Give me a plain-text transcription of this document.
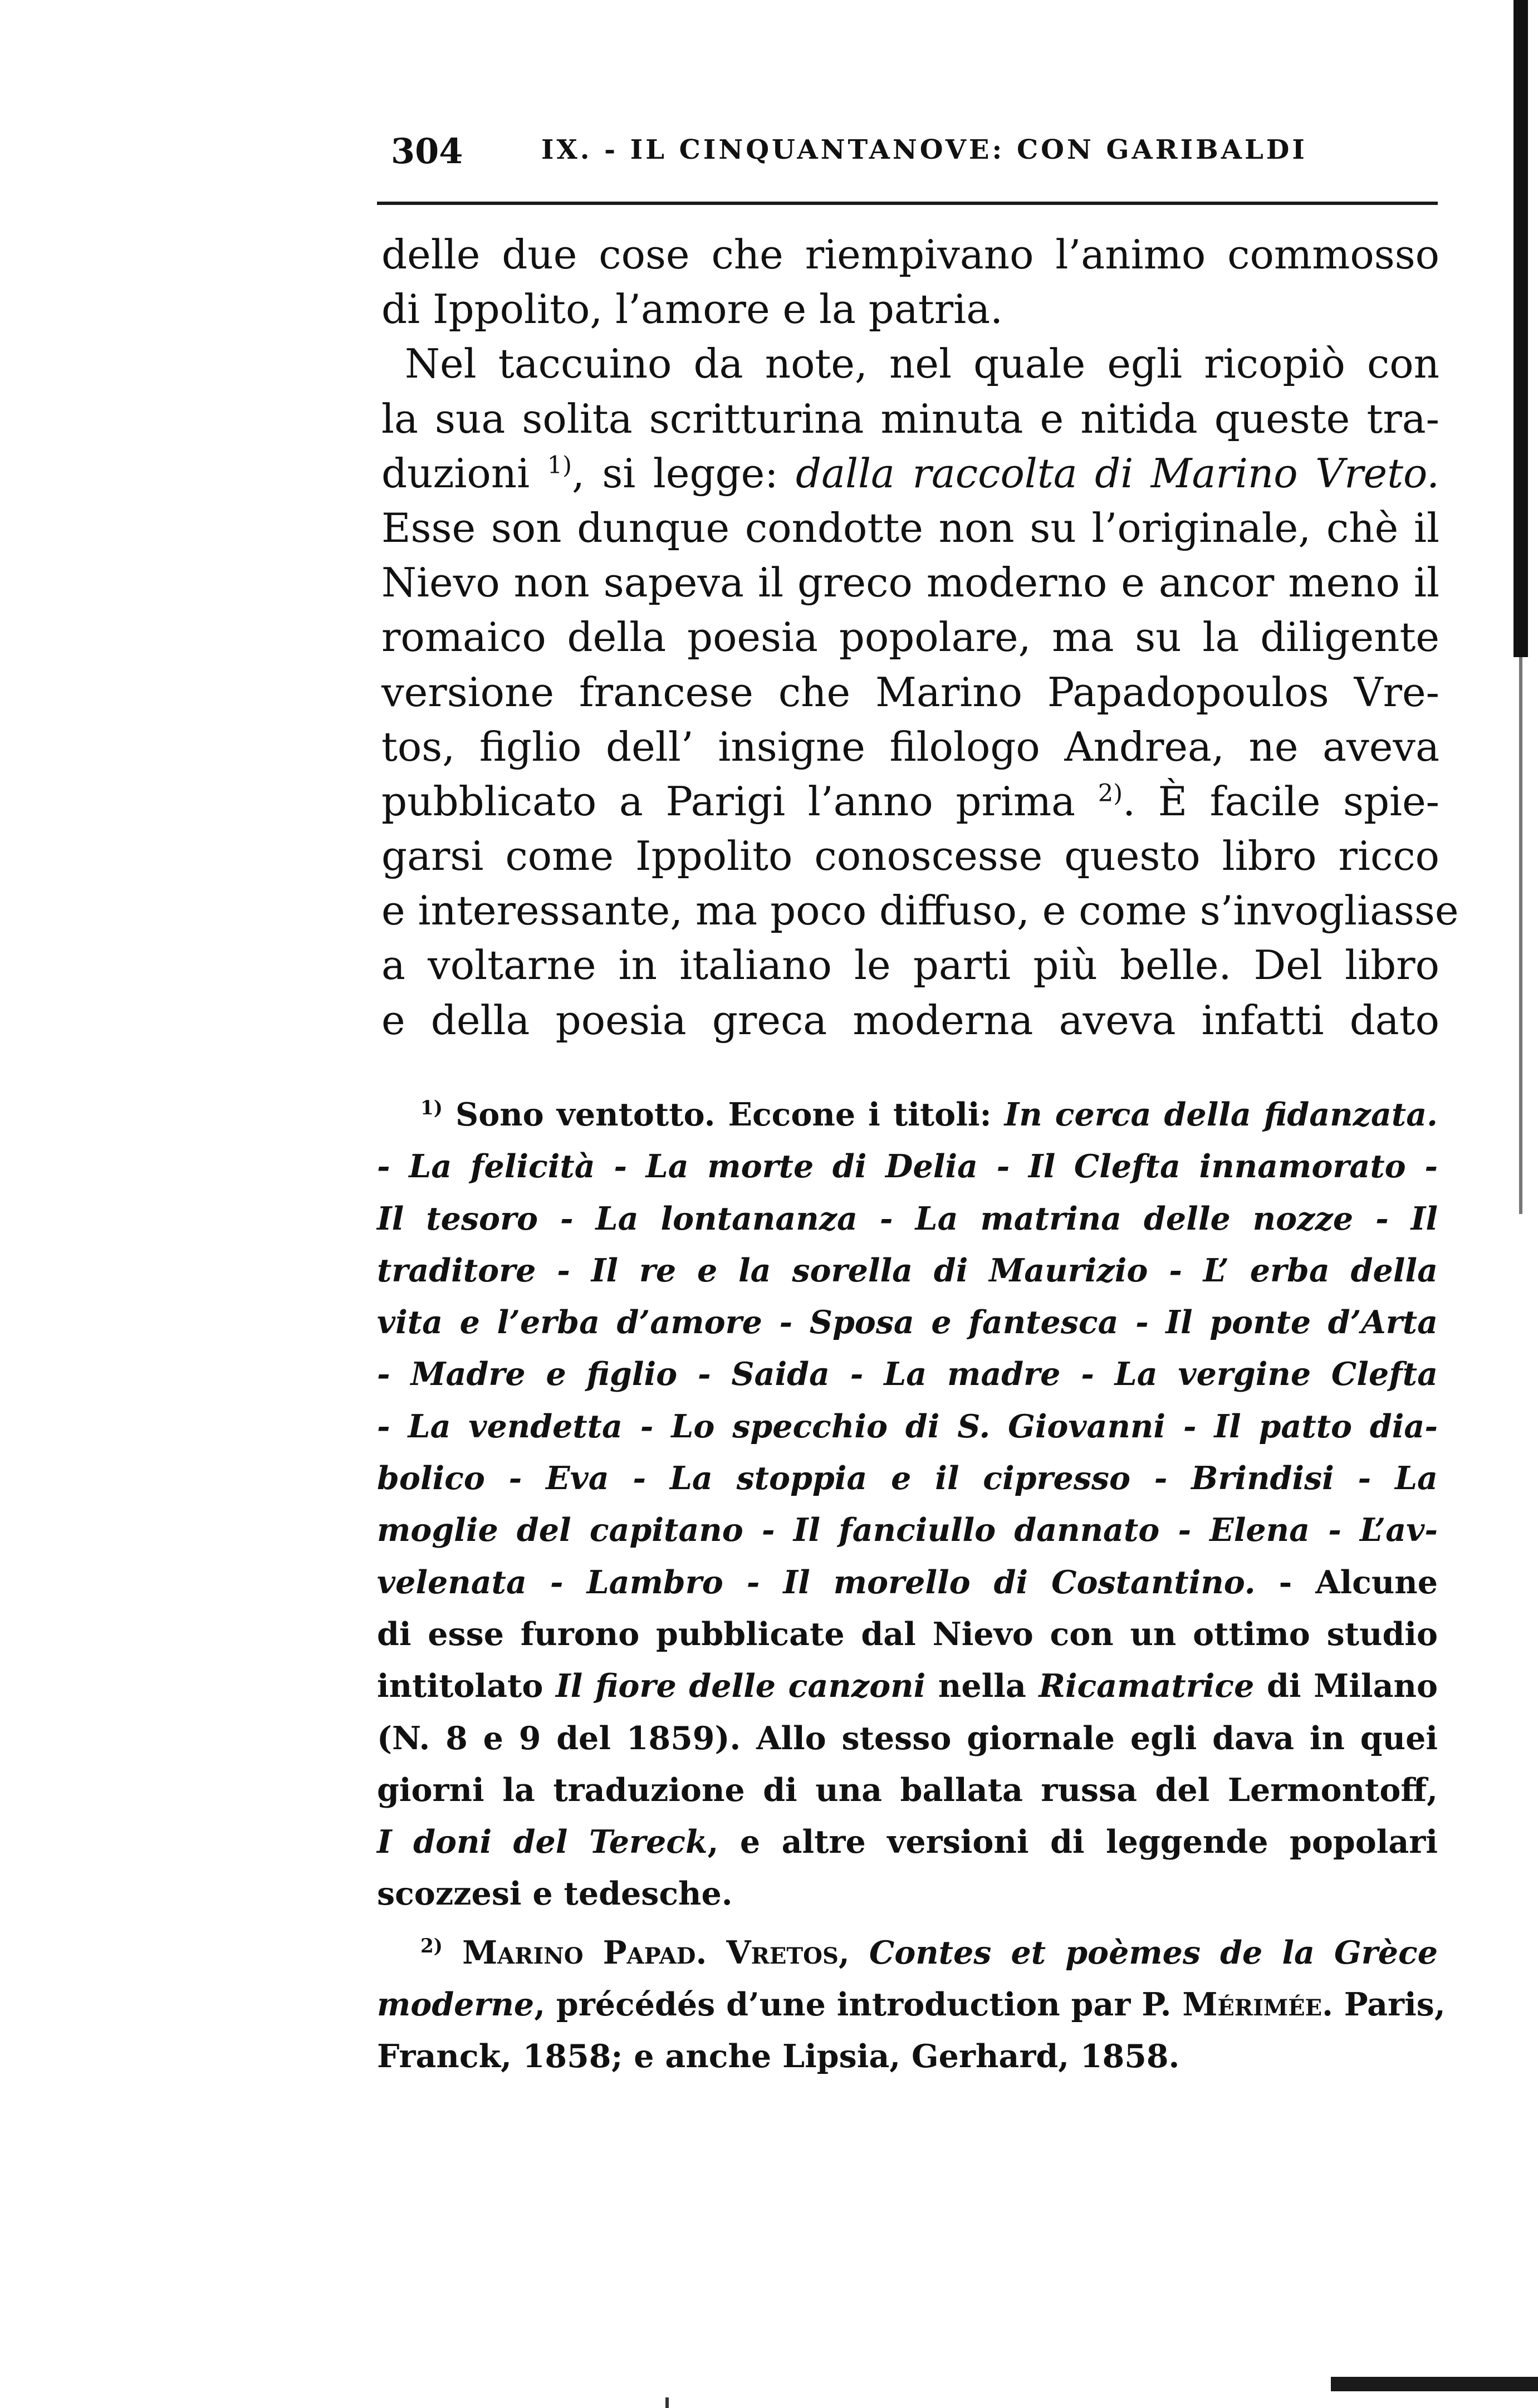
304	IX. - IL CINQUANTANOVE: CON GARIBALDI
delle due cose che riempivano l’animo commosso
di Ippolito, l’amore e la patria.
Nel taccuino da note, nel quale egli ricopiò con
la sua solita scritturina minuta e nitida queste tra-
duzioni $^{1)}$, si legge: dalla raccolta di Marino Vreto.
Esse son dunque condotte non su l’originale, chè il
Nievo non sapeva il greco moderno e ancor meno il
romaico della poesia popolare, ma su la diligente
versione francese che Marino Papadopoulos Vre-
tos, figlio dell’ insigne filologo Andrea, ne aveva
pubblicato a Parigi l’anno prima $^{2)}$. È facile spie-
garsi come Ippolito conoscesse questo libro ricco
e interessante, ma poco diffuso, e come s’invogliasse
a voltarne in italiano le parti più belle. Del libro
e della poesia greca moderna aveva infatti dato
$^{1)}$ Sono ventotto. Eccone i titoli: In cerca della fidanzata.
- La felicità - La morte di Delia - Il Clefta innamorato -
Il tesoro - La lontananza - La matrina delle nozze - Il
traditore - Il re e la sorella di Maurizio - L’ erba della
vita e l’erba d’amore - Sposa e fantesca - Il ponte d’Arta
- Madre e figlio - Saida - La madre - La vergine Clefta
- La vendetta - Lo specchio di S. Giovanni - Il patto dia-
bolico - Eva - La stoppia e il cipresso - Brindisi - La
moglie del capitano - Il fanciullo dannato - Elena - L’av-
velenata - Lambro - Il morello di Costantino. - Alcune
di esse furono pubblicate dal Nievo con un ottimo studio
intitolato Il fiore delle canzoni nella Ricamatrice di Milano
(N. 8 e 9 del 1859). Allo stesso giornale egli dava in quei
giorni la traduzione di una ballata russa del Lermontoff,
I doni del Tereck, e altre versioni di leggende popolari
scozzesi e tedesche.
$^{2)}$ Marino Papad. Vretos, Contes et poèmes de la Grèce
moderne, précédés d’une introduction par P. Mérimée. Paris,
Franck, 1858; e anche Lipsia, Gerhard, 1858.
